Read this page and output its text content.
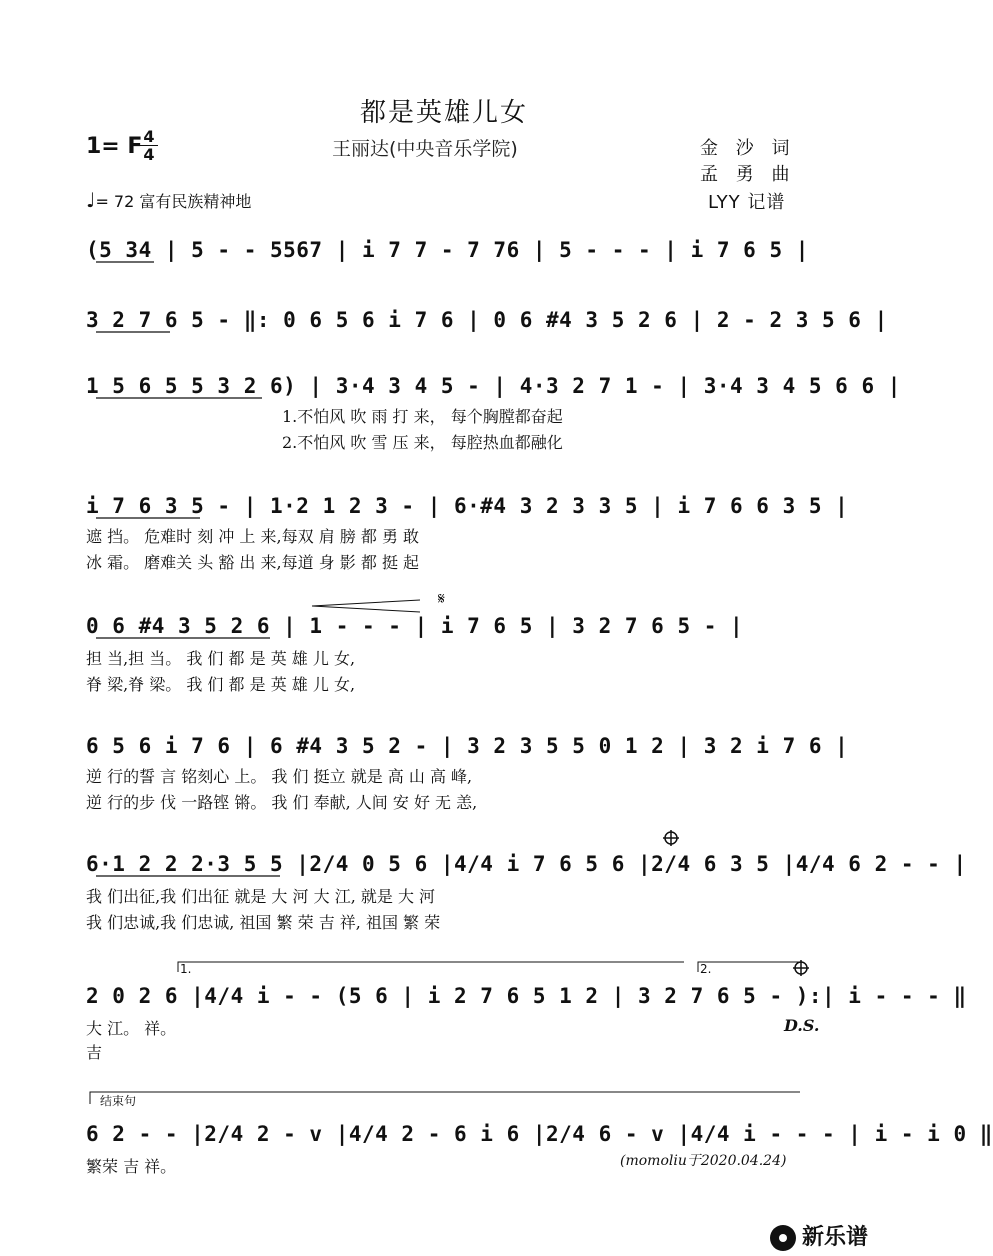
都是英雄儿女
1= F 4
4	王丽达(中央音乐学院)	金 沙 词
孟 勇 曲
LYY 记谱
♩= 72 富有民族精神地
(5 34 | 5 - - 5567 | i 7 7 - 7 76 | 5 - - - | i 7 6 5 |
3 2 7 6 5 - ‖: 0 6 5 6 i 7 6 | 0 6 #4 3 5 2 6 | 2 - 2 3 5 6 |
1 5 6 5 5 3 2 6) | 3·4 3 4 5 - | 4·3 2 7 1 - | 3·4 3 4 5 6 6 |
1.不怕风 吹 雨 打 来， 每个胸膛都奋起
2.不怕风 吹 雪 压 来， 每腔热血都融化
i 7 6 3 5 - | 1·2 1 2 3 - | 6·#4 3 2 3 3 5 | i 7 6 6 3 5 |
遮 挡。 危难时 刻 冲 上 来,每双 肩 膀 都 勇 敢
冰 霜。 磨难关 头 豁 出 来,每道 身 影 都 挺 起
0 6 #4 3 5 2 6 | 1 - - - | i 7 6 5 | 3 2 7 6 5 - |
担 当,担 当。 我 们 都 是 英 雄 儿 女,
脊 梁,脊 梁。 我 们 都 是 英 雄 儿 女,
6 5 6 i 7 6 | 6 #4 3 5 2 - | 3 2 3 5 5 0 1 2 | 3 2 i 7 6 |
逆 行的誓 言 铭刻心 上。 我 们 挺立 就是 高 山 高 峰,
逆 行的步 伐 一路铿 锵。 我 们 奉献, 人间 安 好 无 恙,
6·1 2 2 2·3 5 5 |2/4 0 5 6 |4/4 i 7 6 5 6 |2/4 6 3 5 |4/4 6 2 - - |
我 们出征,我 们出征 就是 大 河 大 江, 就是 大 河
我 们忠诚,我 们忠诚, 祖国 繁 荣 吉 祥, 祖国 繁 荣
1.	2.
2 0 2 6 |4/4 i - - (5 6 | i 2 7 6 5 1 2 | 3 2 7 6 5 - ):| i - - - ‖
大 江。 祥。
吉
D.S.
结束句
6 2 - - |2/4 2 - v |4/4 2 - 6 i 6 |2/4 6 - v |4/4 i - - - | i - i 0 ‖
繁荣 吉 祥。	(momoliu于2020.04.24)
新乐谱
𝄋
